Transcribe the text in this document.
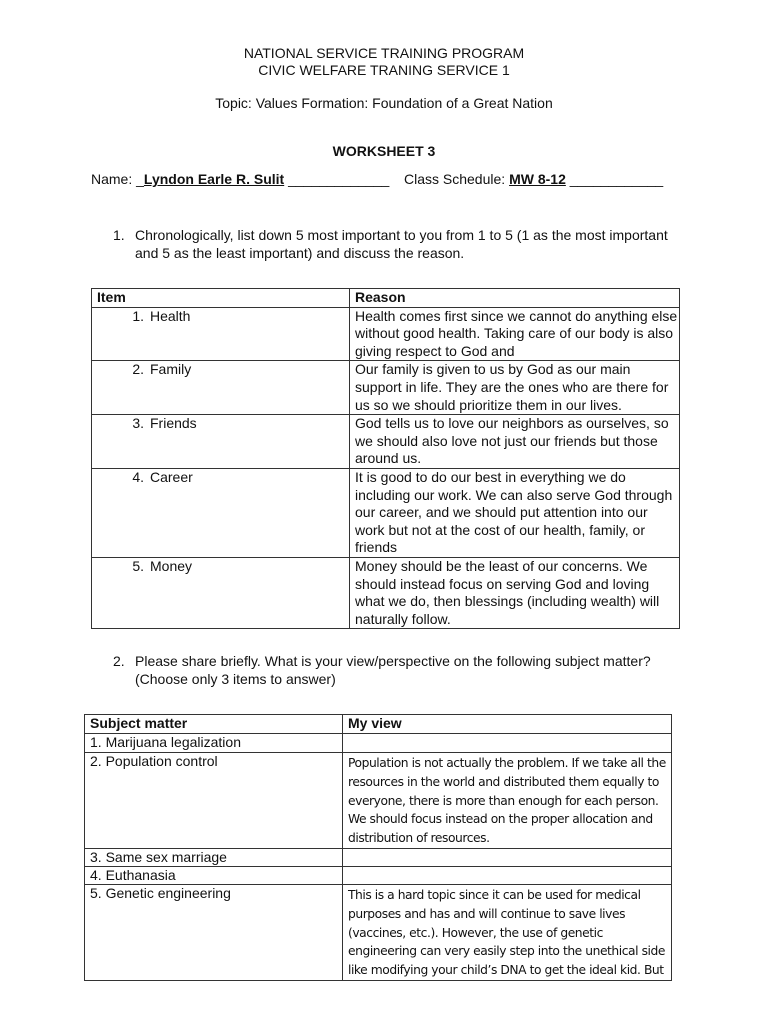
NATIONAL SERVICE TRAINING PROGRAM
CIVIC WELFARE TRANING SERVICE 1
Topic: Values Formation: Foundation of a Great Nation
WORKSHEET 3
Name: _Lyndon Earle R. Sulit _____________ Class Schedule: MW 8-12 ____________
1. Chronologically, list down 5 most important to you from 1 to 5 (1 as the most important and 5 as the least important) and discuss the reason.
Item	Reason
1. Health	Health comes first since we cannot do anything else without good health. Taking care of our body is also giving respect to God and
2. Family	Our family is given to us by God as our main support in life. They are the ones who are there for us so we should prioritize them in our lives.
3. Friends	God tells us to love our neighbors as ourselves, so we should also love not just our friends but those around us.
4. Career	It is good to do our best in everything we do including our work. We can also serve God through our career, and we should put attention into our work but not at the cost of our health, family, or friends
5. Money	Money should be the least of our concerns. We should instead focus on serving God and loving what we do, then blessings (including wealth) will naturally follow.
2. Please share briefly. What is your view/perspective on the following subject matter? (Choose only 3 items to answer)
Subject matter	My view
1. Marijuana legalization	
2. Population control	Population is not actually the problem. If we take all the resources in the world and distributed them equally to everyone, there is more than enough for each person. We should focus instead on the proper allocation and distribution of resources.
3. Same sex marriage	
4. Euthanasia	
5. Genetic engineering	This is a hard topic since it can be used for medical purposes and has and will continue to save lives (vaccines, etc.). However, the use of genetic engineering can very easily step into the unethical side like modifying your child’s DNA to get the ideal kid. But
